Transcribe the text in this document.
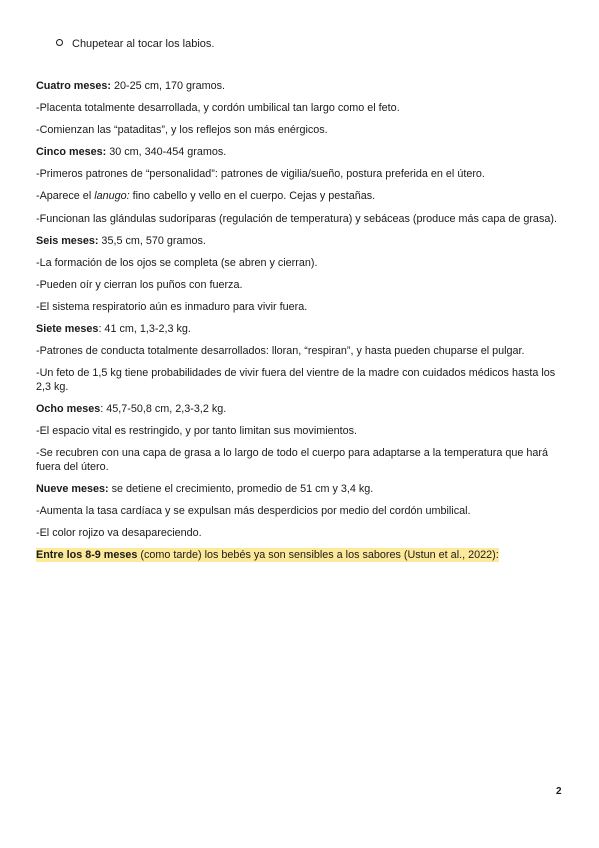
Chupetear al tocar los labios.

Cuatro meses: 20-25 cm, 170 gramos.

-Placenta totalmente desarrollada, y cordón umbilical tan largo como el feto.

-Comienzan las “pataditas”, y los reflejos son más enérgicos.

Cinco meses: 30 cm, 340-454 gramos.

-Primeros patrones de “personalidad”: patrones de vigilia/sueño, postura preferida en el útero.

-Aparece el lanugo: fino cabello y vello en el cuerpo. Cejas y pestañas.

-Funcionan las glándulas sudoríparas (regulación de temperatura) y sebáceas (produce más capa de grasa).

Seis meses: 35,5 cm, 570 gramos.

-La formación de los ojos se completa (se abren y cierran).

-Pueden oír y cierran los puños con fuerza.

-El sistema respiratorio aún es inmaduro para vivir fuera.

Siete meses: 41 cm, 1,3-2,3 kg.

-Patrones de conducta totalmente desarrollados: lloran, “respiran”, y hasta pueden chuparse el pulgar.

-Un feto de 1,5 kg tiene probabilidades de vivir fuera del vientre de la madre con cuidados médicos hasta los 2,3 kg.

Ocho meses: 45,7-50,8 cm, 2,3-3,2 kg.

-El espacio vital es restringido, y por tanto limitan sus movimientos.

-Se recubren con una capa de grasa a lo largo de todo el cuerpo para adaptarse a la temperatura que hará fuera del útero.

Nueve meses: se detiene el crecimiento, promedio de 51 cm y 3,4 kg.

-Aumenta la tasa cardíaca y se expulsan más desperdicios por medio del cordón umbilical.

-El color rojizo va desapareciendo.

Entre los 8-9 meses (como tarde) los bebés ya son sensibles a los sabores (Ustun et al., 2022):

2
